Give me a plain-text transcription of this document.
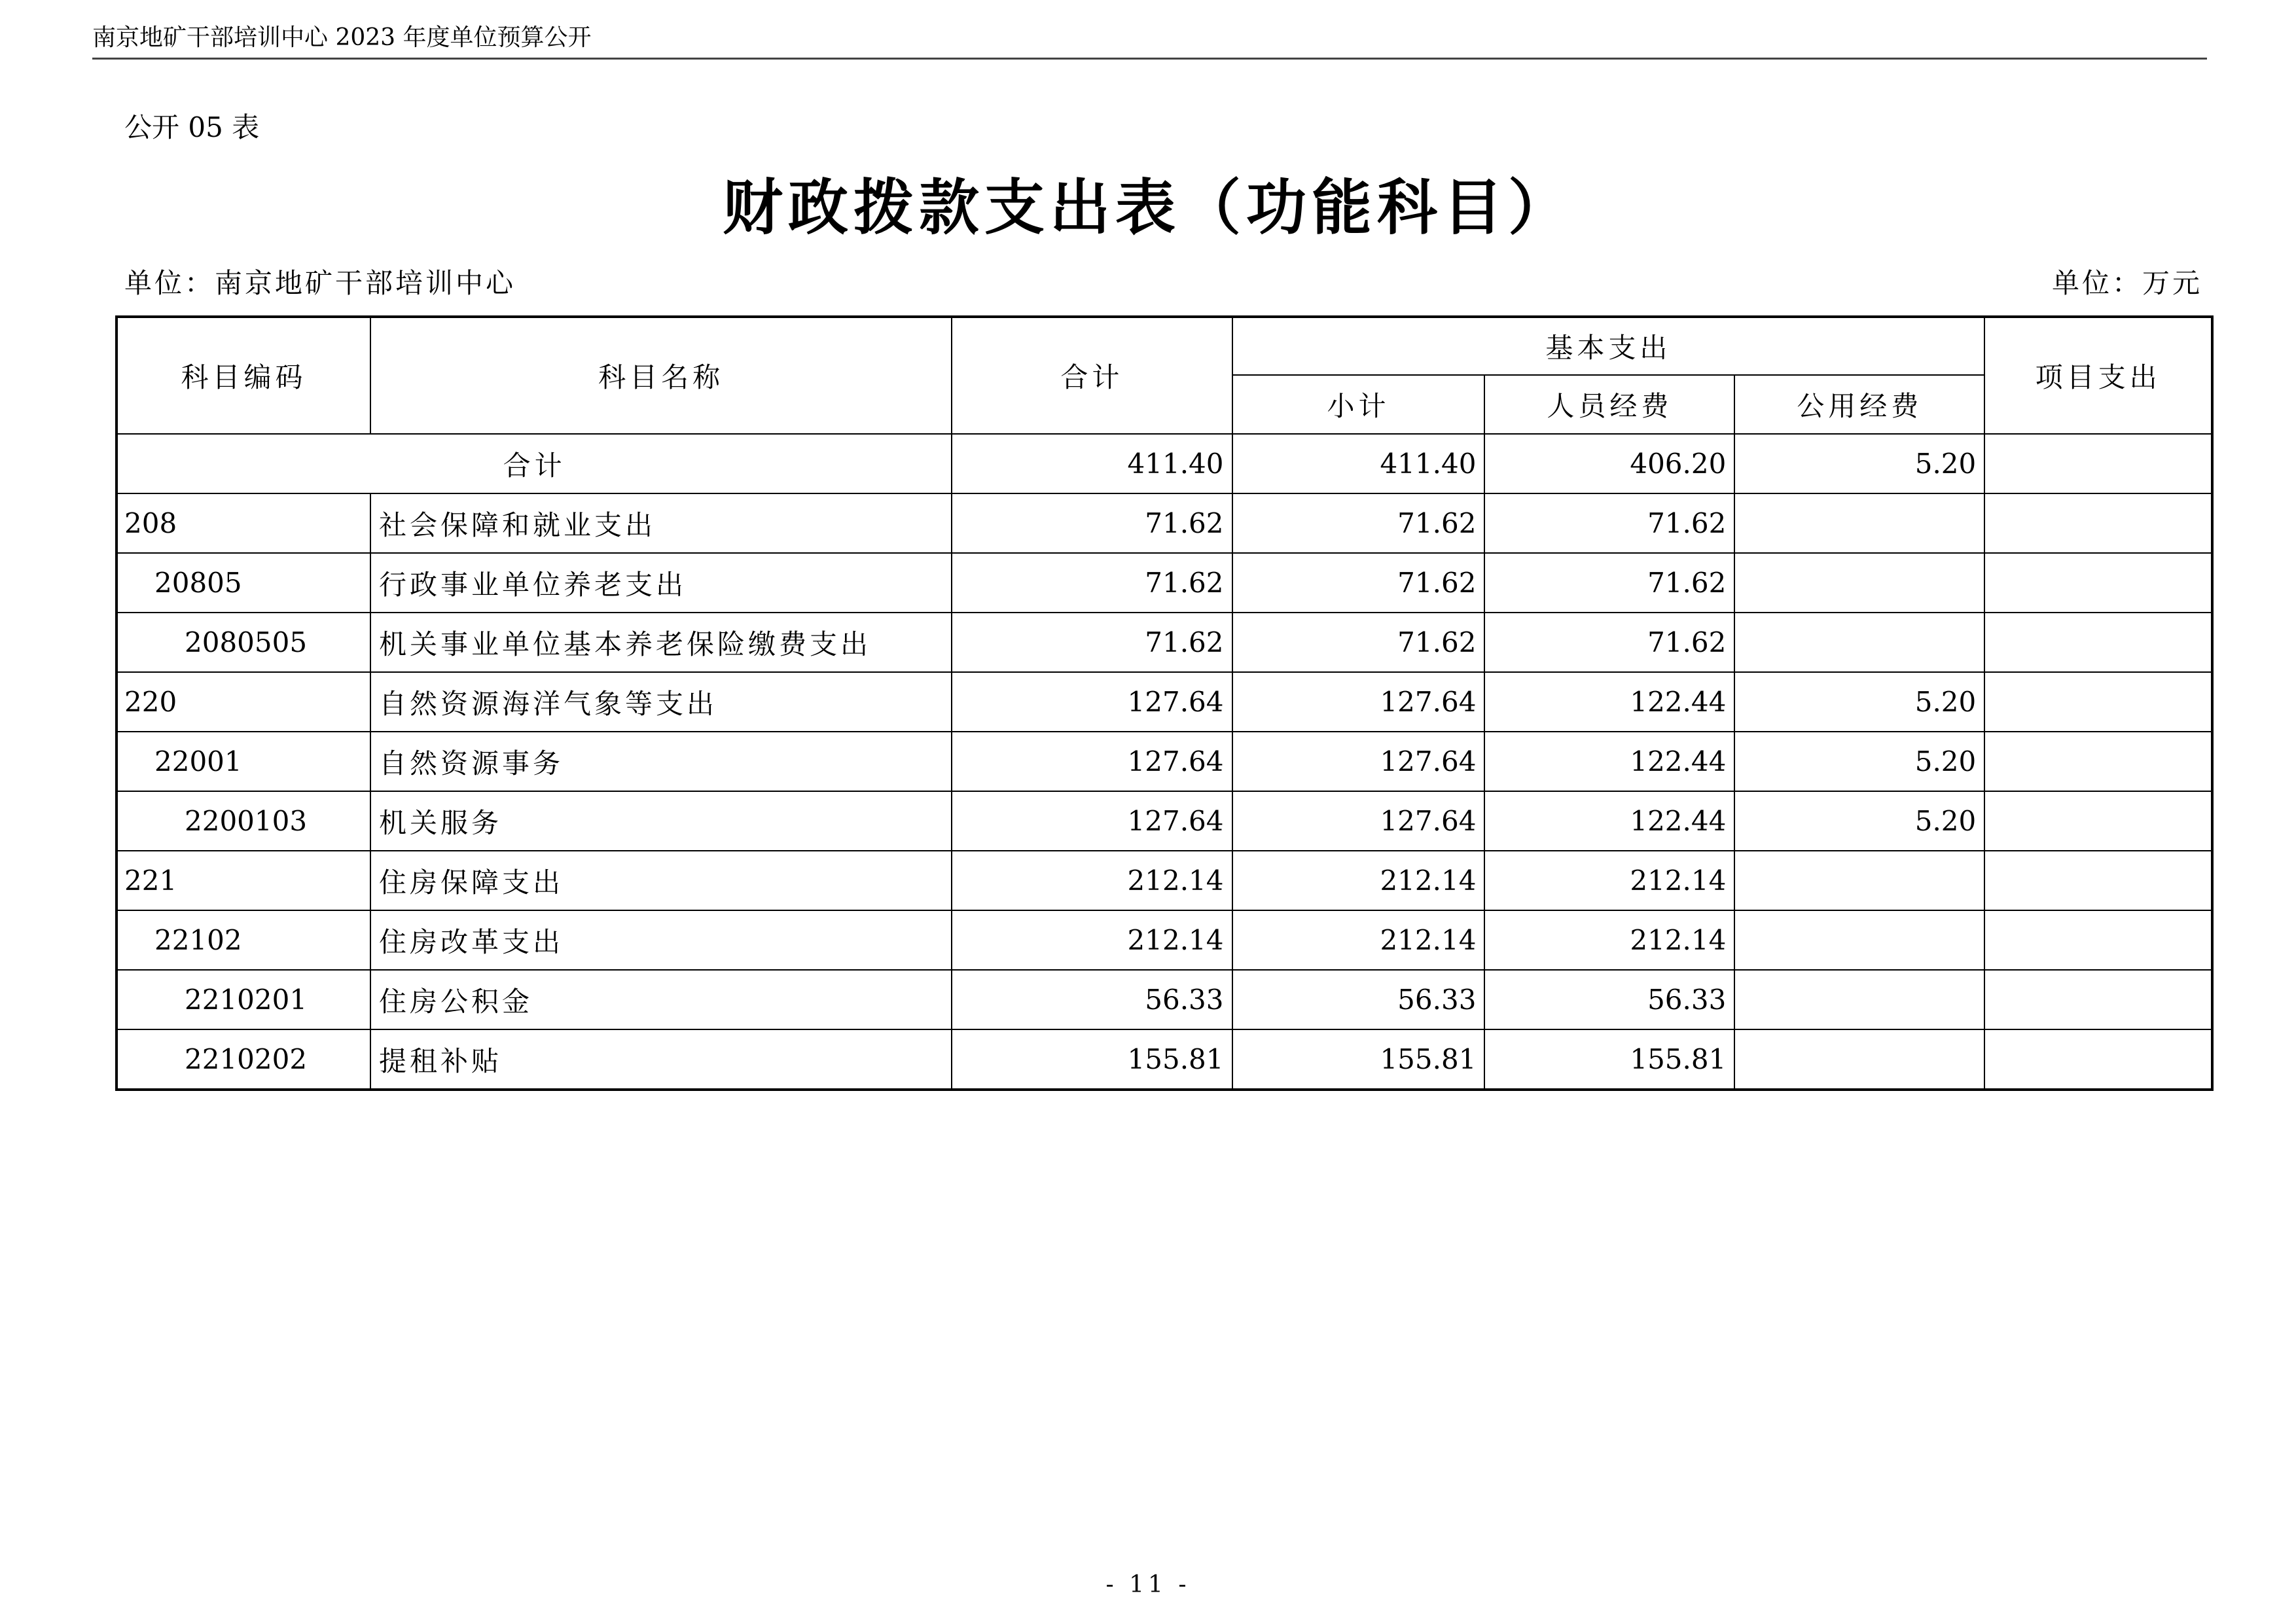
南京地矿干部培训中心 2023 年度单位预算公开
公开 05 表
财政拨款支出表（功能科目）
单位：南京地矿干部培训中心	单位：万元
科目编码	科目名称	合计	基本支出			项目支出
			小计	人员经费	公用经费	
合计		411.40	411.40	406.20	5.20	
208	社会保障和就业支出	71.62	71.62	71.62		
20805	行政事业单位养老支出	71.62	71.62	71.62		
2080505	机关事业单位基本养老保险缴费支出	71.62	71.62	71.62		
220	自然资源海洋气象等支出	127.64	127.64	122.44	5.20	
22001	自然资源事务	127.64	127.64	122.44	5.20	
2200103	机关服务	127.64	127.64	122.44	5.20	
221	住房保障支出	212.14	212.14	212.14		
22102	住房改革支出	212.14	212.14	212.14		
2210201	住房公积金	56.33	56.33	56.33		
2210202	提租补贴	155.81	155.81	155.81		
- 11 -
